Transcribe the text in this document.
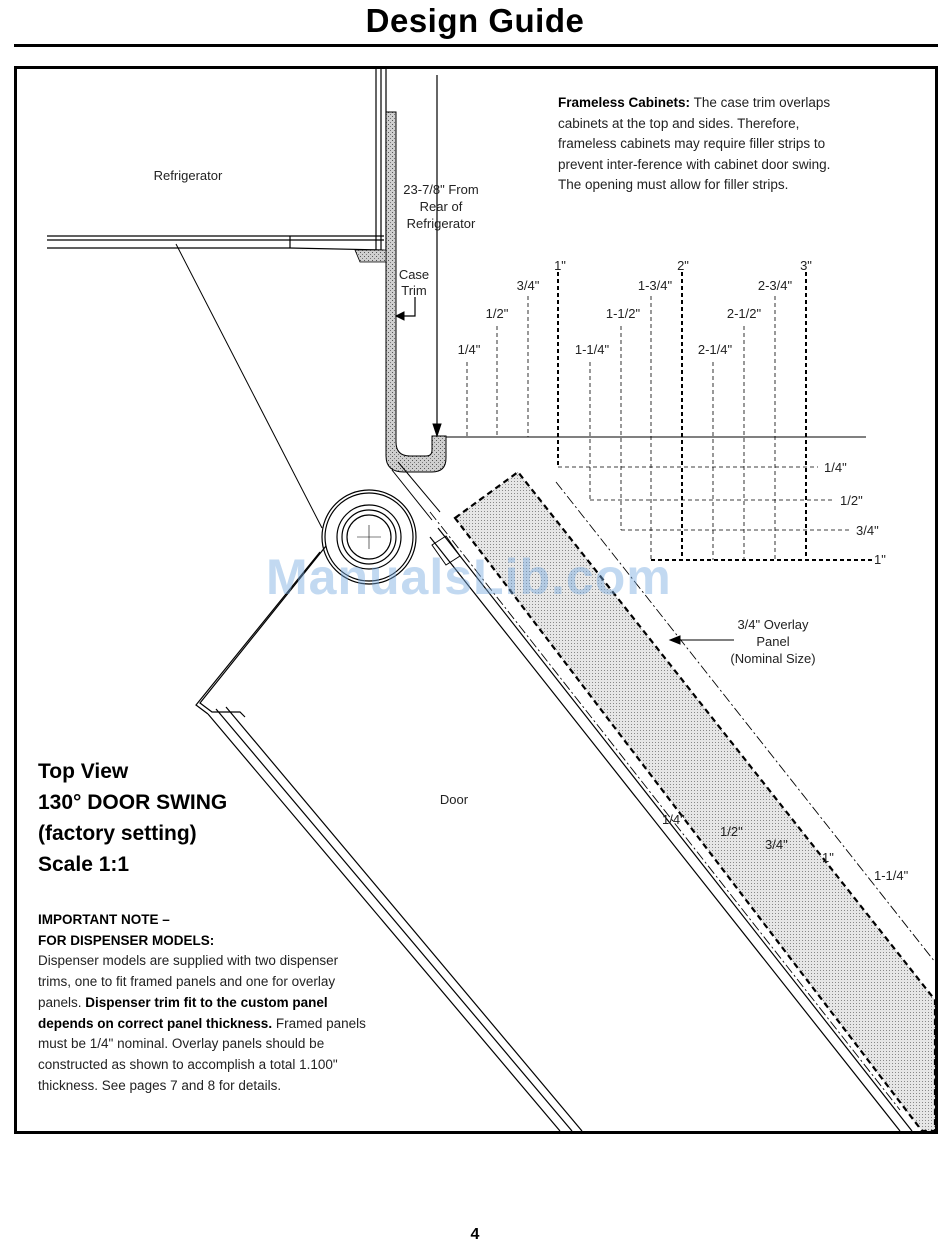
Design Guide
Refrigerator
23-7/8" From
Rear of
Refrigerator
Case
Trim
1"
3/4"
1/2"
1/4"
2"
1-3/4"
1-1/2"
1-1/4"
3"
2-3/4"
2-1/2"
2-1/4"
1/4"
1/2"
3/4"
1"
3/4" Overlay
Panel
(Nominal Size)
Door
1/4"
1/2"
3/4"
1"
1-1/4"
Frameless Cabinets: The case trim overlaps cabinets at the top and sides. Therefore, frameless cabinets may require filler strips to prevent inter-ference with cabinet door swing. The opening must allow for filler strips.
Top View
130° DOOR SWING
(factory setting)
Scale 1:1
IMPORTANT NOTE –
FOR DISPENSER MODELS:
Dispenser models are supplied with two dispenser trims, one to fit framed panels and one for overlay panels. Dispenser trim fit to the custom panel depends on correct panel thickness. Framed panels must be 1/4" nominal. Overlay panels should be constructed as shown to accomplish a total 1.100" thickness. See pages 7 and 8 for details.
ManualsLib.com
4
